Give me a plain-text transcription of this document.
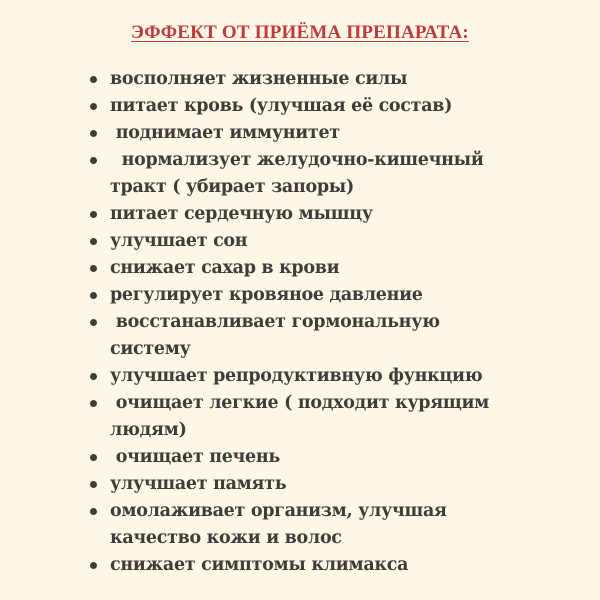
ЭФФЕКТ ОТ ПРИЁМА ПРЕПАРАТА:
восполняет жизненные силы
питает кровь (улучшая её состав)
поднимает иммунитет
нормализует желудочно-кишечный
тракт ( убирает запоры)
питает сердечную мышцу
улучшает сон
снижает сахар в крови
регулирует кровяное давление
восстанавливает гормональную
систему
улучшает репродуктивную функцию
очищает легкие ( подходит курящим
людям)
очищает печень
улучшает память
омолаживает организм, улучшая
качество кожи и волос
снижает симптомы климакса
